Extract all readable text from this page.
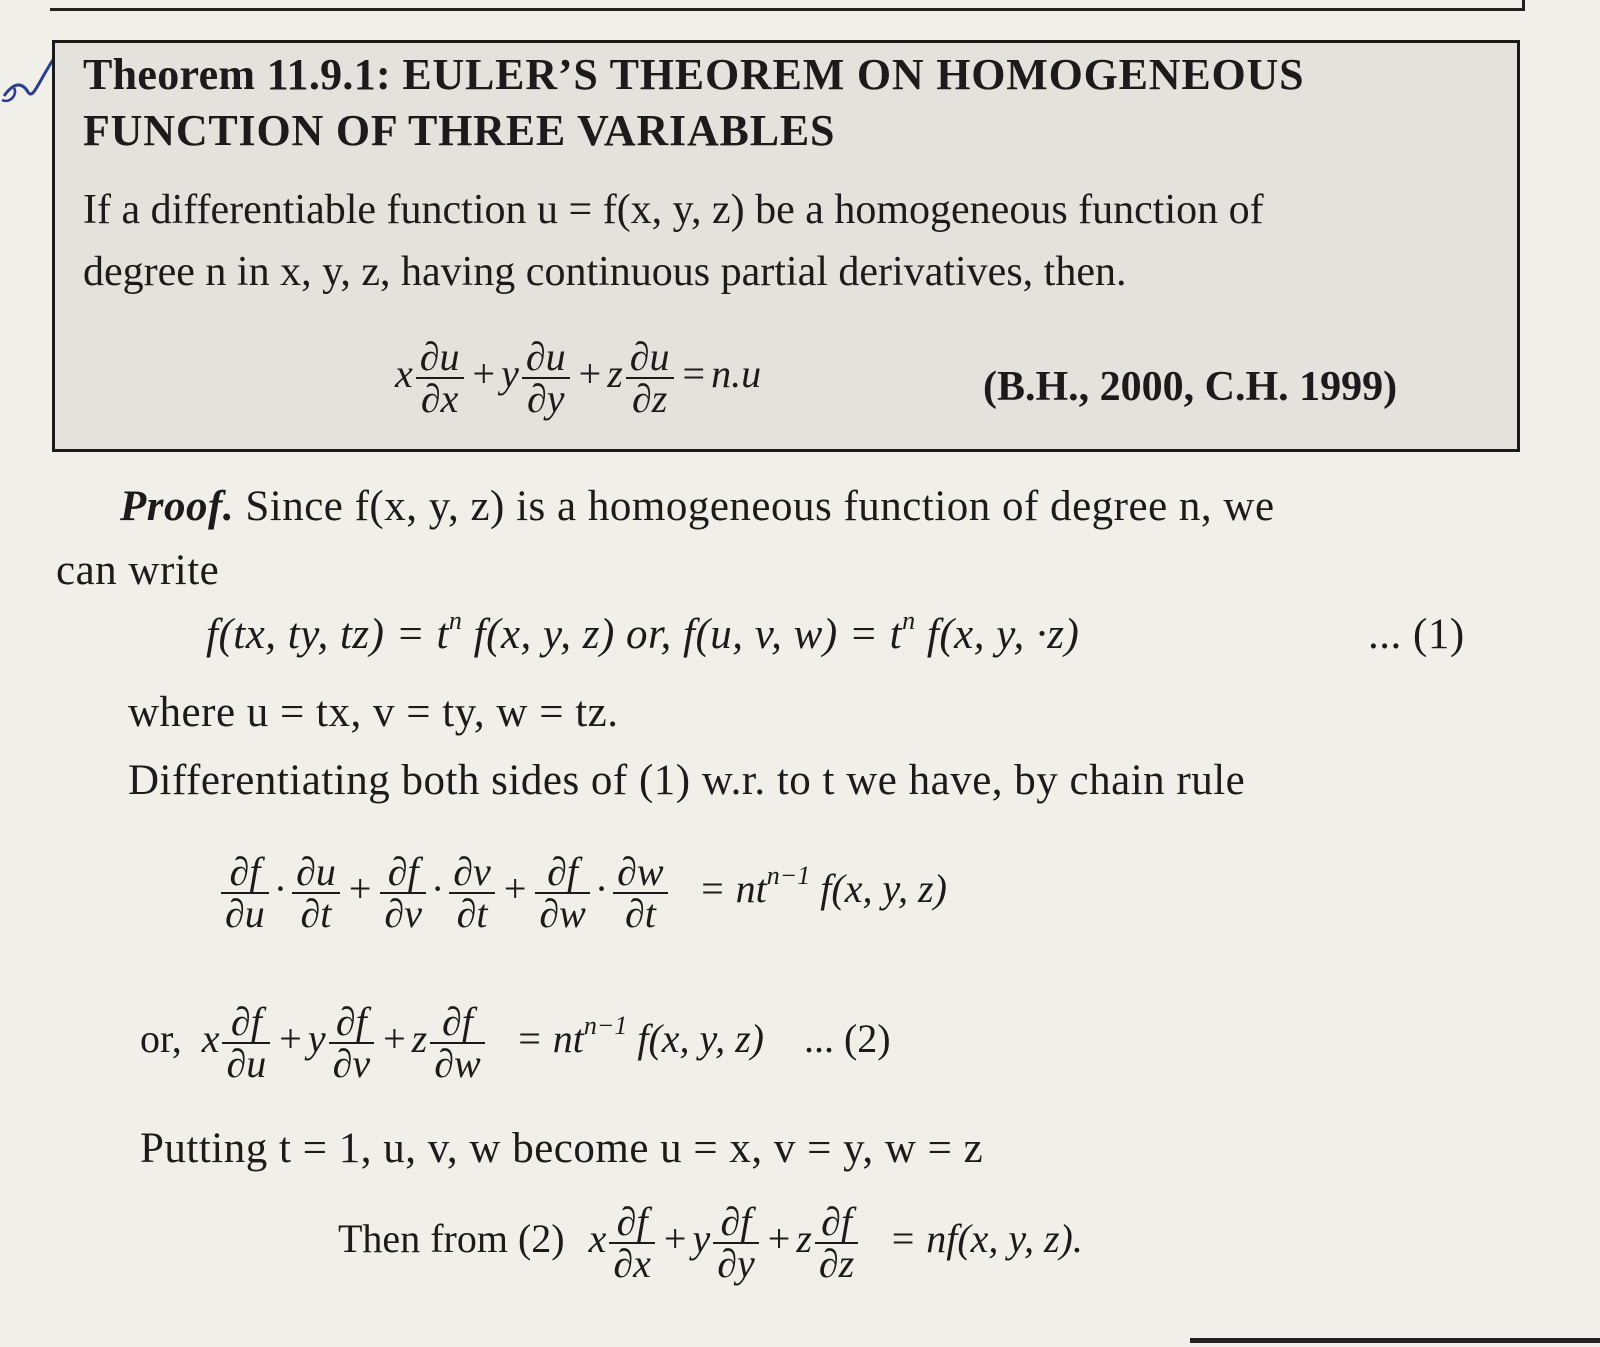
Theorem 11.9.1: EULER’S THEOREM ON HOMOGENEOUS
FUNCTION OF THREE VARIABLES
If a differentiable function u = f(x, y, z) be a homogeneous function of
degree n in x, y, z, having continuous partial derivatives, then.
x $\frac{\partial u}{\partial x} + y \frac{\partial u}{\partial y} + z \frac{\partial u}{\partial z} = n.u$	(B.H., 2000, C.H. 1999)
Proof. Since f(x, y, z) is a homogeneous function of degree n, we
can write
f(tx, ty, $tz) = t^n$ f(x, y, z) or, f(u, v, $w) = t^n$ f(x, y, ·z)	... (1)
where u = tx, v = ty, w = tz.
Differentiating both sides of (1) w.r. to t we have, by chain rule
$\frac{\partial f}{\partial u} \cdot \frac{\partial u}{\partial t} + \frac{\partial f}{\partial v} \cdot \frac{\partial v}{\partial t} + \frac{\partial f}{\partial w} \cdot \frac{\partial w}{\partial t} = nt^{n-1}$ f(x, y, z)
or, x $\frac{\partial f}{\partial u} + y \frac{\partial f}{\partial v} + z \frac{\partial f}{\partial w} = nt^{n-1}$ f(x, y, z) ... (2)
Putting t = 1, u, v, w become u = x, v = y, w = z
Then from (2) x $\frac{\partial f}{\partial x} + y \frac{\partial f}{\partial y} + z \frac{\partial f}{\partial z} = nf(x$, y, z).
